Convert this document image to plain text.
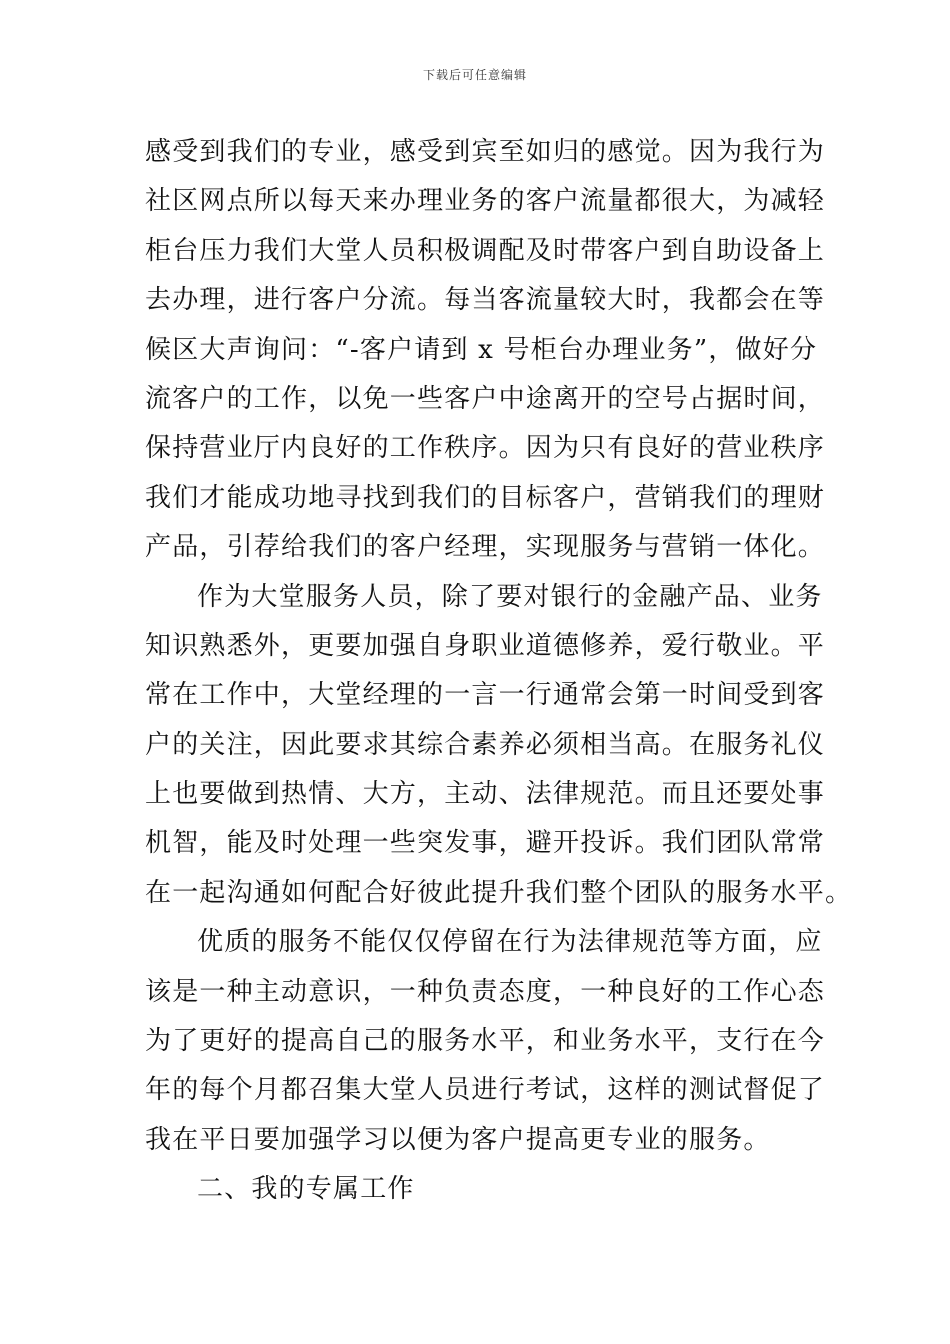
下载后可任意编辑
感受到我们的专业，感受到宾至如归的感觉。因为我行为
社区网点所以每天来办理业务的客户流量都很大，为减轻
柜台压力我们大堂人员积极调配及时带客户到自助设备上
去办理，进行客户分流。每当客流量较大时，我都会在等
候区大声询问：“-客户请到 x 号柜台办理业务”，做好分
流客户的工作，以免一些客户中途离开的空号占据时间，
保持营业厅内良好的工作秩序。因为只有良好的营业秩序
我们才能成功地寻找到我们的目标客户，营销我们的理财
产品，引荐给我们的客户经理，实现服务与营销一体化。
作为大堂服务人员，除了要对银行的金融产品、业务
知识熟悉外，更要加强自身职业道德修养，爱行敬业。平
常在工作中，大堂经理的一言一行通常会第一时间受到客
户的关注，因此要求其综合素养必须相当高。在服务礼仪
上也要做到热情、大方，主动、法律规范。而且还要处事
机智，能及时处理一些突发事，避开投诉。我们团队常常
在一起沟通如何配合好彼此提升我们整个团队的服务水平。
优质的服务不能仅仅停留在行为法律规范等方面，应
该是一种主动意识，一种负责态度，一种良好的工作心态
为了更好的提高自己的服务水平，和业务水平，支行在今
年的每个月都召集大堂人员进行考试，这样的测试督促了
我在平日要加强学习以便为客户提高更专业的服务。
二、我的专属工作
